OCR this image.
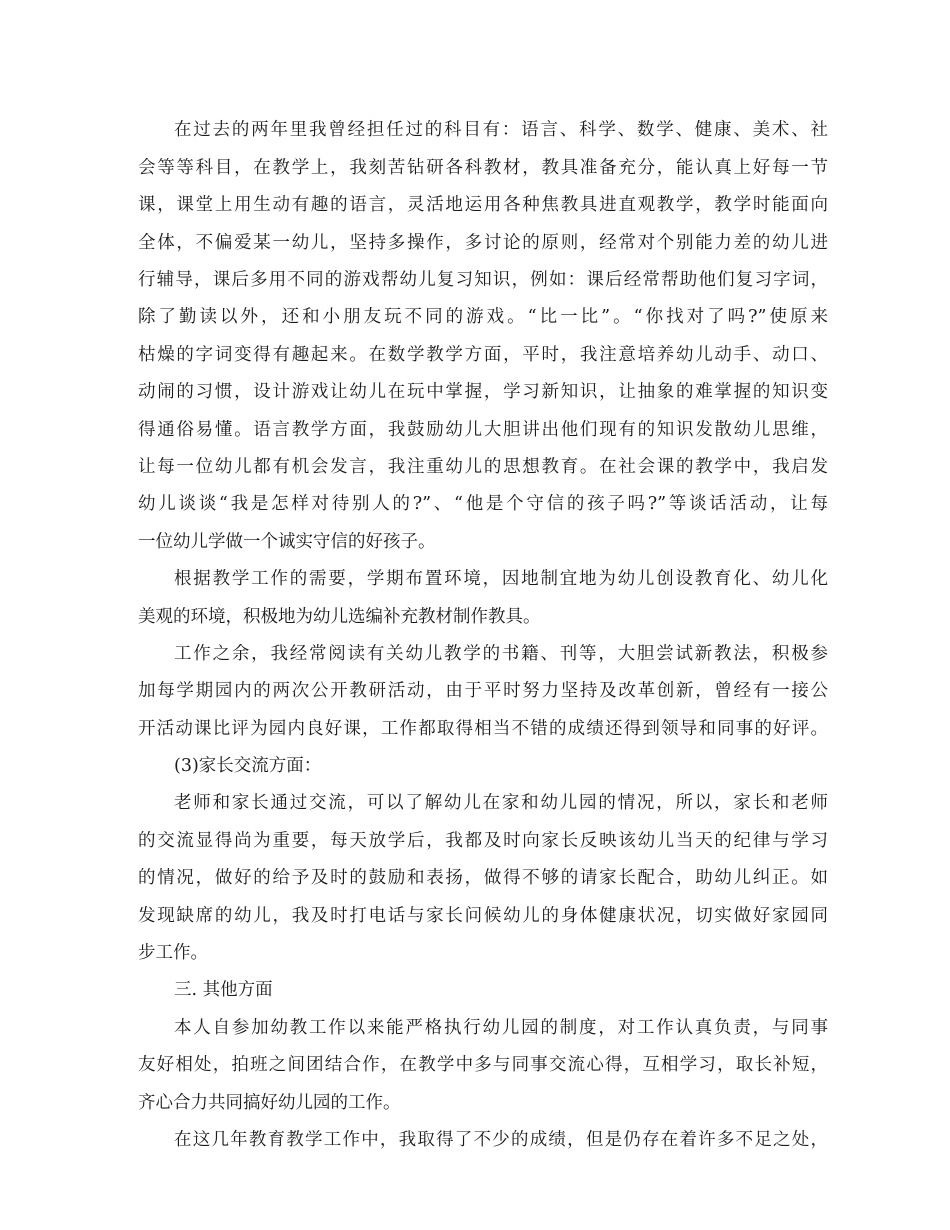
在过去的两年里我曾经担任过的科目有：语言、科学、数学、健康、美术、社
会等等科目，在教学上，我刻苦钻研各科教材，教具准备充分，能认真上好每一节
课，课堂上用生动有趣的语言，灵活地运用各种焦教具进直观教学，教学时能面向
全体，不偏爱某一幼儿，坚持多操作，多讨论的原则，经常对个别能力差的幼儿进
行辅导，课后多用不同的游戏帮幼儿复习知识，例如：课后经常帮助他们复习字词，
除了勤读以外，还和小朋友玩不同的游戏。“比一比”。“你找对了吗?”使原来
枯燥的字词变得有趣起来。在数学教学方面，平时，我注意培养幼儿动手、动口、
动闹的习惯，设计游戏让幼儿在玩中掌握，学习新知识，让抽象的难掌握的知识变
得通俗易懂。语言教学方面，我鼓励幼儿大胆讲出他们现有的知识发散幼儿思维，
让每一位幼儿都有机会发言，我注重幼儿的思想教育。在社会课的教学中，我启发
幼儿谈谈“我是怎样对待别人的?”、“他是个守信的孩子吗?”等谈话活动，让每
一位幼儿学做一个诚实守信的好孩子。
根据教学工作的需要，学期布置环境，因地制宜地为幼儿创设教育化、幼儿化
美观的环境，积极地为幼儿选编补充教材制作教具。
工作之余，我经常阅读有关幼儿教学的书籍、刊等，大胆尝试新教法，积极参
加每学期园内的两次公开教研活动，由于平时努力坚持及改革创新，曾经有一接公
开活动课比评为园内良好课，工作都取得相当不错的成绩还得到领导和同事的好评。
(3)家长交流方面：
老师和家长通过交流，可以了解幼儿在家和幼儿园的情况，所以，家长和老师
的交流显得尚为重要，每天放学后，我都及时向家长反映该幼儿当天的纪律与学习
的情况，做好的给予及时的鼓励和表扬，做得不够的请家长配合，助幼儿纠正。如
发现缺席的幼儿，我及时打电话与家长问候幼儿的身体健康状况，切实做好家园同
步工作。
三. 其他方面
本人自参加幼教工作以来能严格执行幼儿园的制度，对工作认真负责，与同事
友好相处，拍班之间团结合作，在教学中多与同事交流心得，互相学习，取长补短，
齐心合力共同搞好幼儿园的工作。
在这几年教育教学工作中，我取得了不少的成绩，但是仍存在着许多不足之处，
